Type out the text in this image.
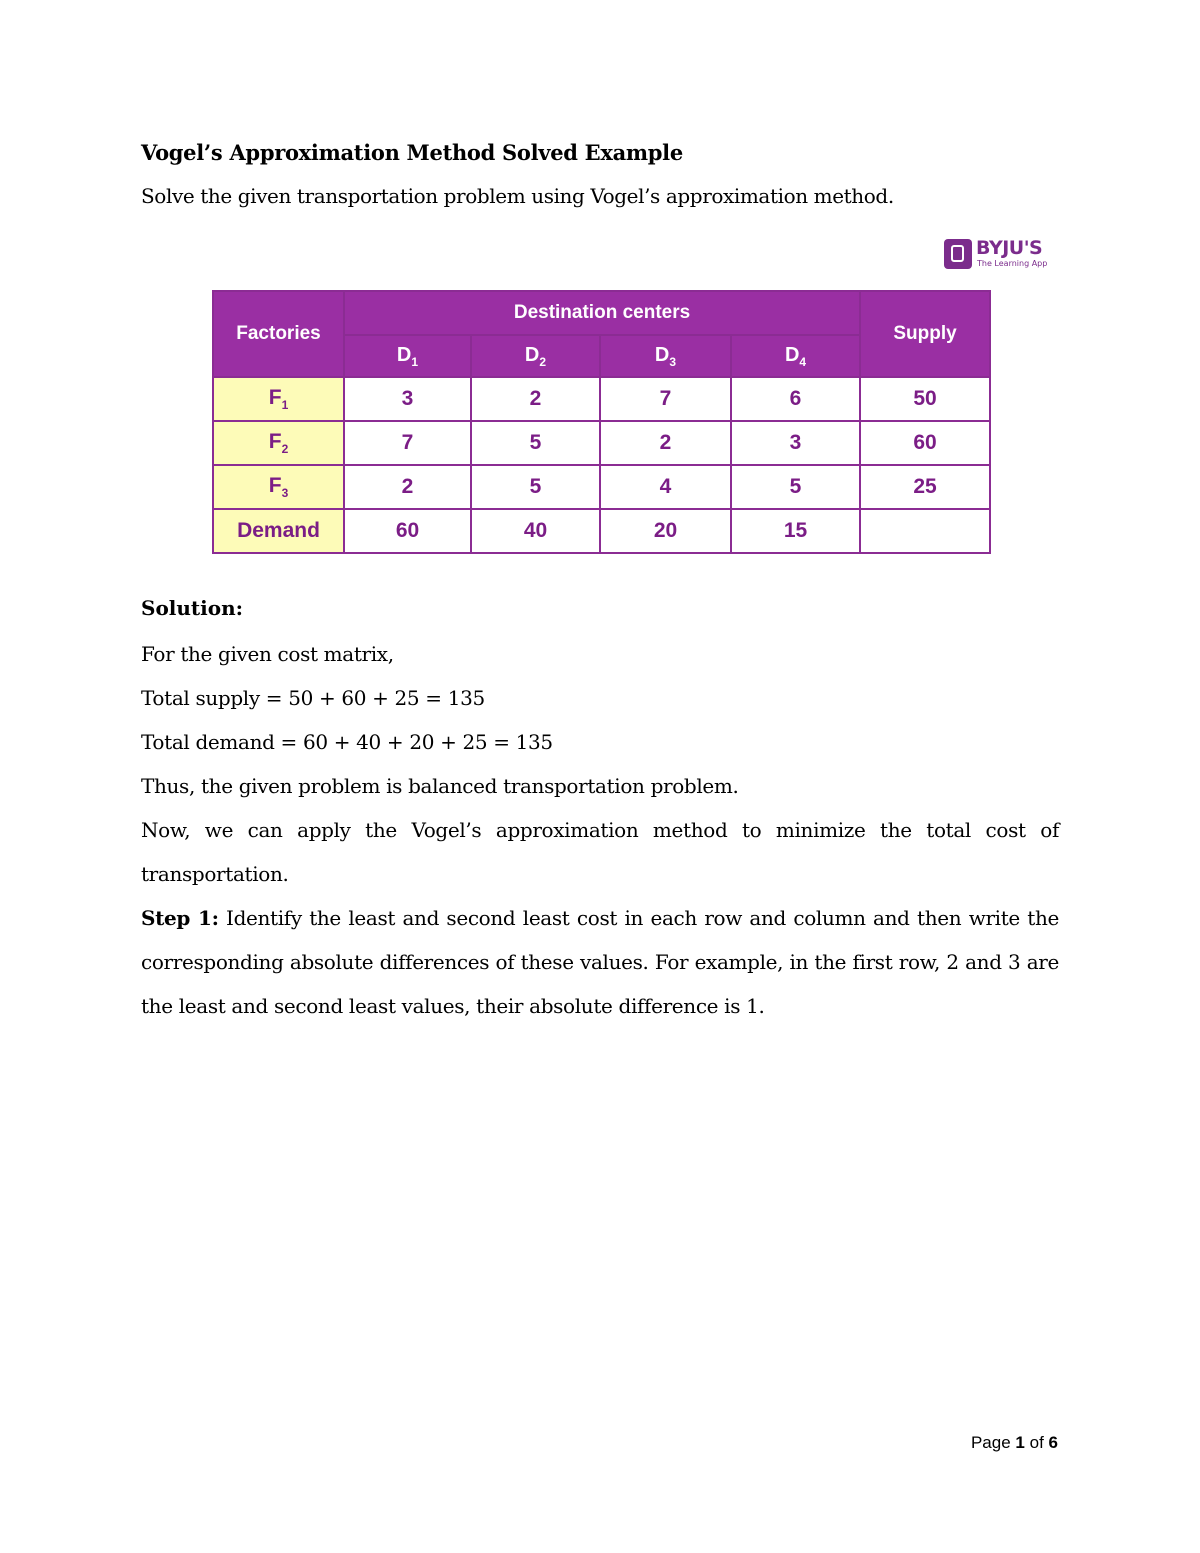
Vogel’s Approximation Method Solved Example
Solve the given transportation problem using Vogel’s approximation method.
BYJU'S
The Learning App
Factories	Destination centers				Supply
	$D_1$	$D_2$	$D_3$	$D_4$
$F_1$	3	2	7	6	50
$F_2$	7	5	2	3	60
$F_3$	2	5	4	5	25
Demand	60	40	20	15	
Solution:
For the given cost matrix,
Total supply = 50 + 60 + 25 = 135
Total demand = 60 + 40 + 20 + 25 = 135
Thus, the given problem is balanced transportation problem.
Now, we can apply the Vogel’s approximation method to minimize the total cost of transportation.
Step 1: Identify the least and second least cost in each row and column and then write the corresponding absolute differences of these values. For example, in the first row, 2 and 3 are the least and second least values, their absolute difference is 1.
Page 1 of 6
